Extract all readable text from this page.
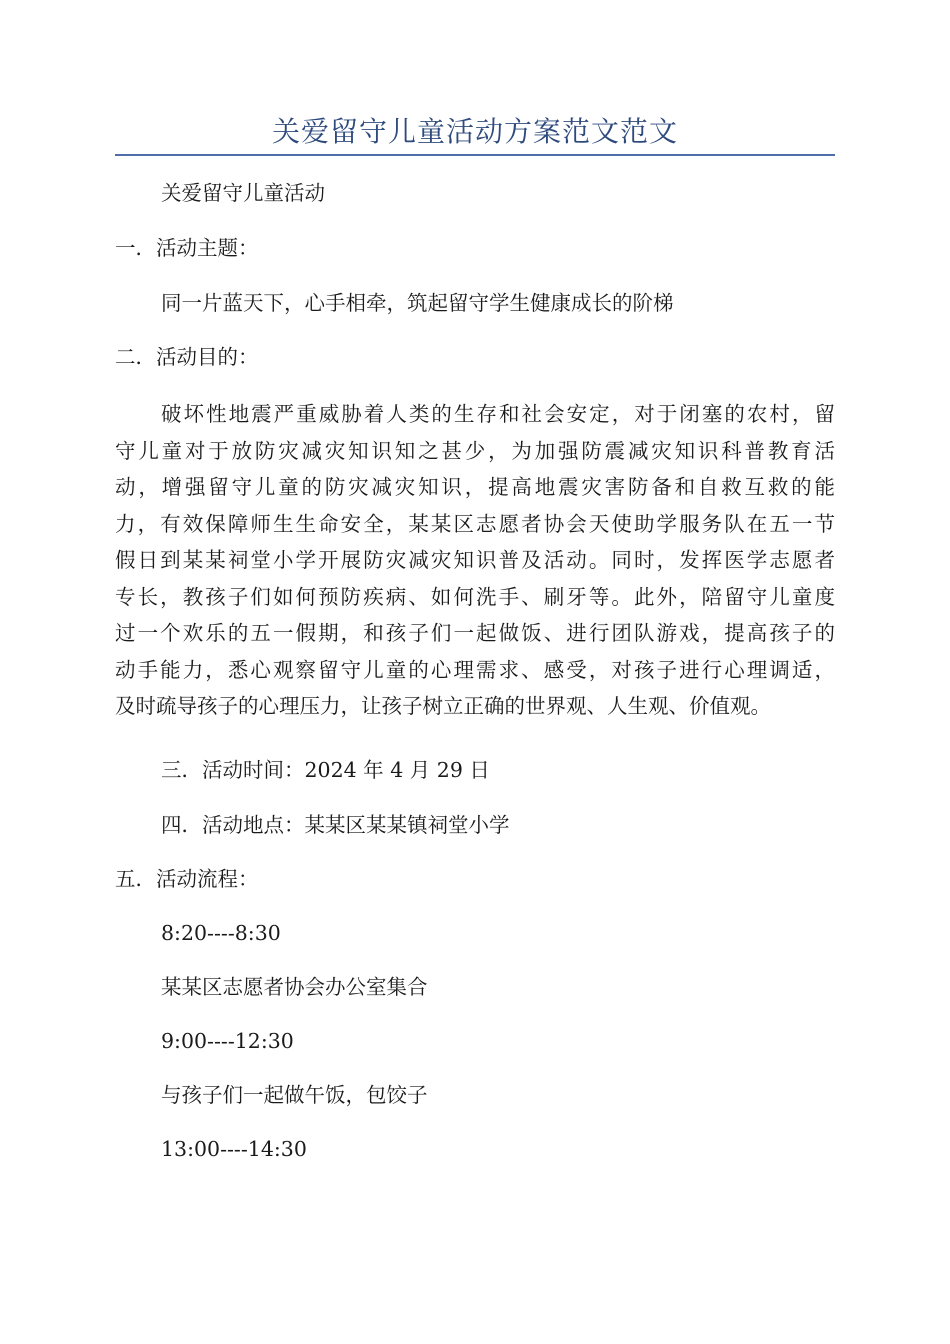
关爱留守儿童活动方案范文范文
关爱留守儿童活动
一．活动主题：
同一片蓝天下，心手相牵，筑起留守学生健康成长的阶梯
二．活动目的：
破坏性地震严重威胁着人类的生存和社会安定，对于闭塞的农村，留
守儿童对于放防灾减灾知识知之甚少，为加强防震减灾知识科普教育活
动，增强留守儿童的防灾减灾知识，提高地震灾害防备和自救互救的能
力，有效保障师生生命安全，某某区志愿者协会天使助学服务队在五一节
假日到某某祠堂小学开展防灾减灾知识普及活动。同时，发挥医学志愿者
专长，教孩子们如何预防疾病、如何洗手、刷牙等。此外，陪留守儿童度
过一个欢乐的五一假期，和孩子们一起做饭、进行团队游戏，提高孩子的
动手能力，悉心观察留守儿童的心理需求、感受，对孩子进行心理调适，
及时疏导孩子的心理压力，让孩子树立正确的世界观、人生观、价值观。
三．活动时间：2024 年 4 月 29 日
四．活动地点：某某区某某镇祠堂小学
五．活动流程：
8:20----8:30
某某区志愿者协会办公室集合
9:00----12:30
与孩子们一起做午饭，包饺子
13:00----14:30
